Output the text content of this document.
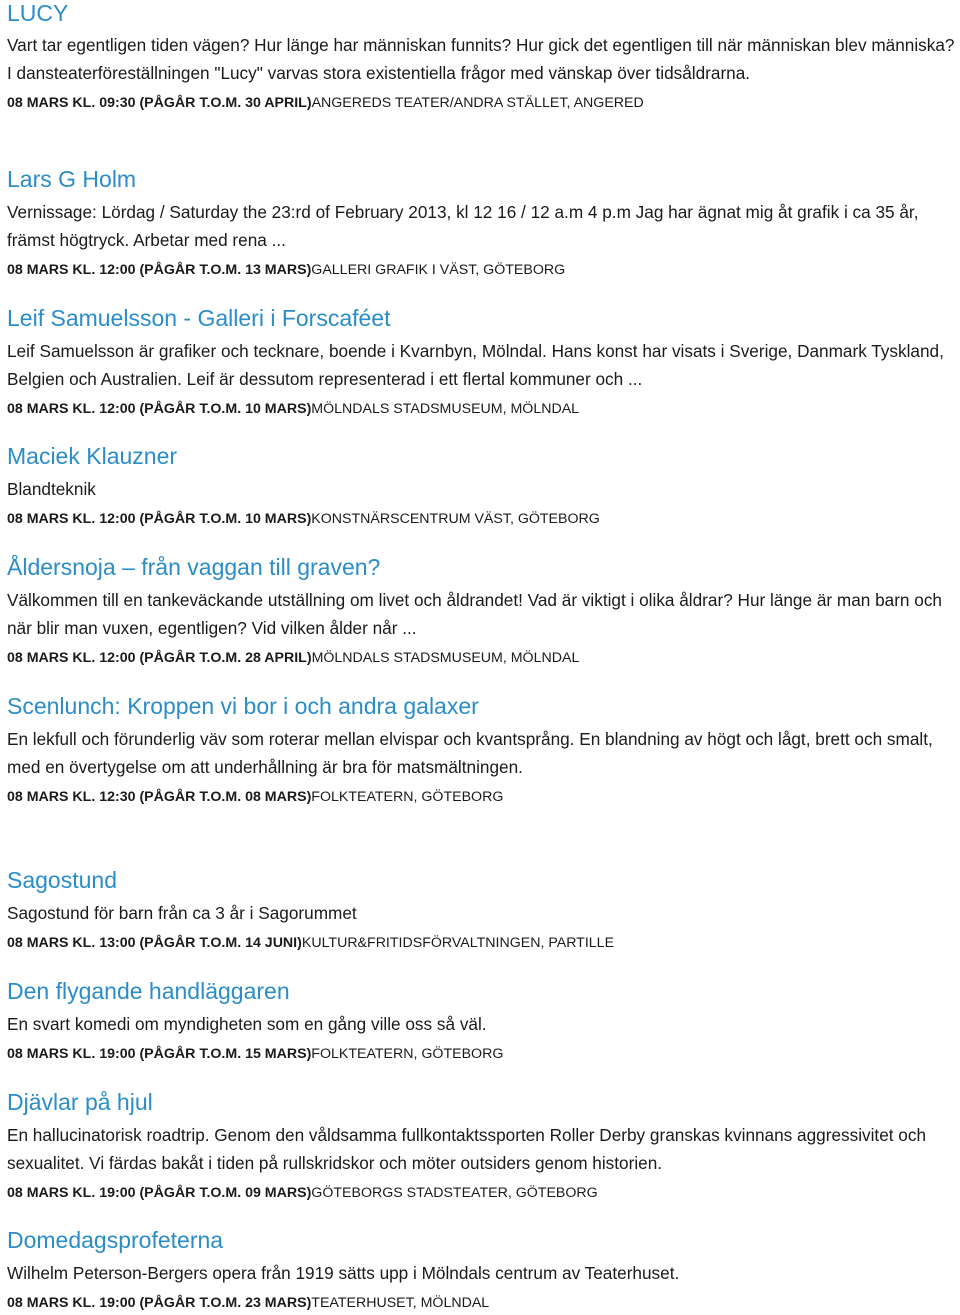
LUCY

Vart tar egentligen tiden vägen? Hur länge har människan funnits? Hur gick det egentligen till när människan blev människa? I dansteaterföreställningen "Lucy" varvas stora existentiella frågor med vänskap över tidsåldrarna.

08 MARS KL. 09:30 (PÅGÅR T.O.M. 30 APRIL)ANGEREDS TEATER/ANDRA STÄLLET, ANGERED

Lars G Holm

Vernissage: Lördag / Saturday the 23:rd of February 2013, kl 12 16 / 12 a.m 4 p.m Jag har ägnat mig åt grafik i ca 35 år, främst högtryck. Arbetar med rena ...

08 MARS KL. 12:00 (PÅGÅR T.O.M. 13 MARS)GALLERI GRAFIK I VÄST, GÖTEBORG

Leif Samuelsson - Galleri i Forscaféet

Leif Samuelsson är grafiker och tecknare, boende i Kvarnbyn, Mölndal. Hans konst har visats i Sverige, Danmark Tyskland, Belgien och Australien. Leif är dessutom representerad i ett flertal kommuner och ...

08 MARS KL. 12:00 (PÅGÅR T.O.M. 10 MARS)MÖLNDALS STADSMUSEUM, MÖLNDAL

Maciek Klauzner

Blandteknik

08 MARS KL. 12:00 (PÅGÅR T.O.M. 10 MARS)KONSTNÄRSCENTRUM VÄST, GÖTEBORG

Åldersnoja – från vaggan till graven?

Välkommen till en tankeväckande utställning om livet och åldrandet! Vad är viktigt i olika åldrar? Hur länge är man barn och när blir man vuxen, egentligen? Vid vilken ålder når ...

08 MARS KL. 12:00 (PÅGÅR T.O.M. 28 APRIL)MÖLNDALS STADSMUSEUM, MÖLNDAL

Scenlunch: Kroppen vi bor i och andra galaxer

En lekfull och förunderlig väv som roterar mellan elvispar och kvantsprång. En blandning av högt och lågt, brett och smalt, med en övertygelse om att underhållning är bra för matsmältningen.

08 MARS KL. 12:30 (PÅGÅR T.O.M. 08 MARS)FOLKTEATERN, GÖTEBORG

Sagostund

Sagostund för barn från ca 3 år i Sagorummet

08 MARS KL. 13:00 (PÅGÅR T.O.M. 14 JUNI)KULTUR&FRITIDSFÖRVALTNINGEN, PARTILLE

Den flygande handläggaren

En svart komedi om myndigheten som en gång ville oss så väl.

08 MARS KL. 19:00 (PÅGÅR T.O.M. 15 MARS)FOLKTEATERN, GÖTEBORG

Djävlar på hjul

En hallucinatorisk roadtrip. Genom den våldsamma fullkontaktssporten Roller Derby granskas kvinnans aggressivitet och sexualitet. Vi färdas bakåt i tiden på rullskridskor och möter outsiders genom historien.

08 MARS KL. 19:00 (PÅGÅR T.O.M. 09 MARS)GÖTEBORGS STADSTEATER, GÖTEBORG

Domedagsprofeterna

Wilhelm Peterson-Bergers opera från 1919 sätts upp i Mölndals centrum av Teaterhuset.

08 MARS KL. 19:00 (PÅGÅR T.O.M. 23 MARS)TEATERHUSET, MÖLNDAL
